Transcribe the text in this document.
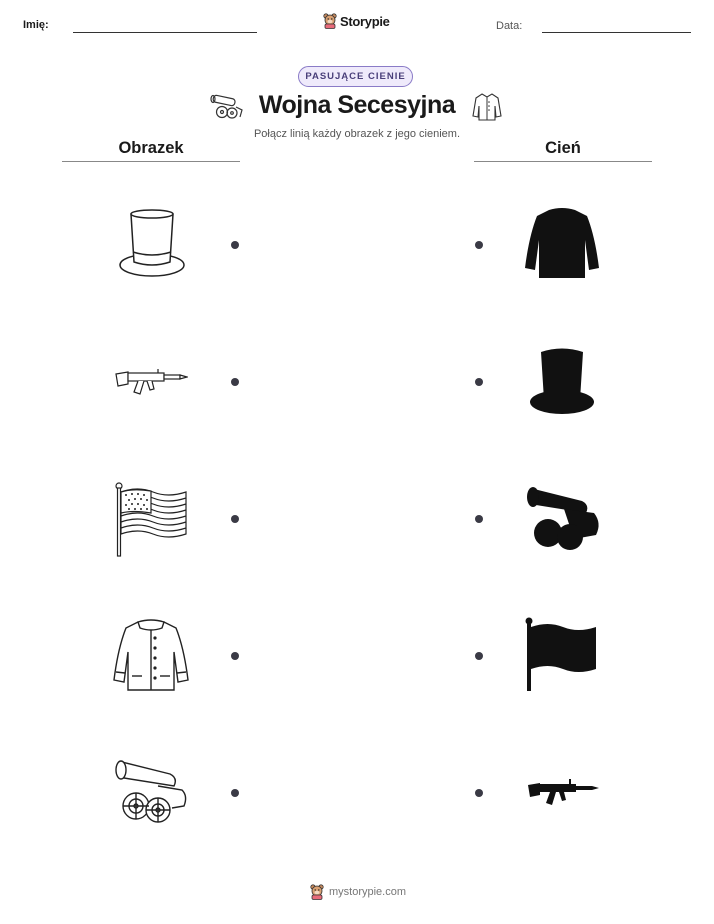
Imię:	Storypie	Data:
PASUJĄCE CIENIE
Wojna Secesyjna
Połącz linią każdy obrazek z jego cieniem.
Obrazek	Cień
mystorypie.com
